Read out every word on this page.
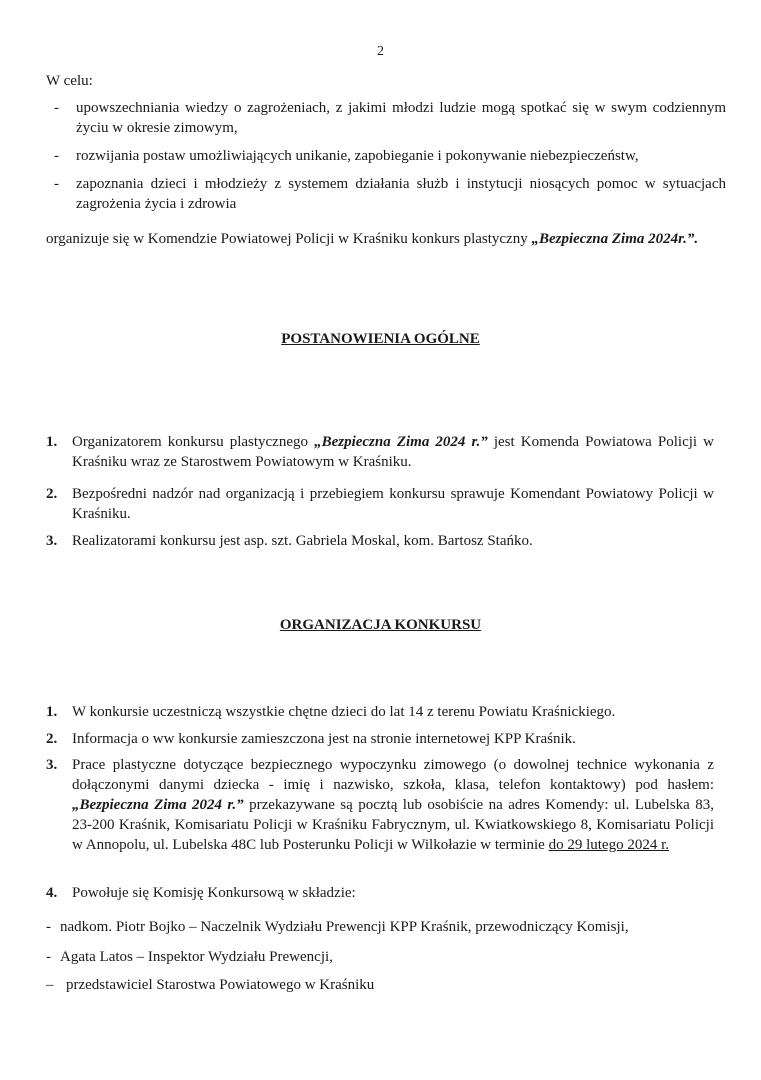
2
W celu:
- upowszechniania wiedzy o zagrożeniach, z jakimi młodzi ludzie mogą spotkać się w swym codziennym życiu w okresie zimowym,
- rozwijania postaw umożliwiających unikanie, zapobieganie i pokonywanie niebezpieczeństw,
- zapoznania dzieci i młodzieży z systemem działania służb i instytucji niosących pomoc w sytuacjach zagrożenia życia i zdrowia
organizuje się w Komendzie Powiatowej Policji w Kraśniku konkurs plastyczny „Bezpieczna Zima 2024r.”.
POSTANOWIENIA OGÓLNE
1. Organizatorem konkursu plastycznego „Bezpieczna Zima 2024 r.” jest Komenda Powiatowa Policji w Kraśniku wraz ze Starostwem Powiatowym w Kraśniku.
2. Bezpośredni nadzór nad organizacją i przebiegiem konkursu sprawuje Komendant Powiatowy Policji w Kraśniku.
3. Realizatorami konkursu jest asp. szt. Gabriela Moskal, kom. Bartosz Stańko.
ORGANIZACJA KONKURSU
1. W konkursie uczestniczą wszystkie chętne dzieci do lat 14 z terenu Powiatu Kraśnickiego.
2. Informacja o ww konkursie zamieszczona jest na stronie internetowej KPP Kraśnik.
3. Prace plastyczne dotyczące bezpiecznego wypoczynku zimowego (o dowolnej technice wykonania z dołączonymi danymi dziecka - imię i nazwisko, szkoła, klasa, telefon kontaktowy) pod hasłem: „Bezpieczna Zima 2024 r.” przekazywane są pocztą lub osobiście na adres Komendy: ul. Lubelska 83, 23-200 Kraśnik, Komisariatu Policji w Kraśniku Fabrycznym, ul. Kwiatkowskiego 8, Komisariatu Policji w Annopolu, ul. Lubelska 48C lub Posterunku Policji w Wilkołazie w terminie do 29 lutego 2024 r.
4. Powołuje się Komisję Konkursową w składzie:
- nadkom. Piotr Bojko – Naczelnik Wydziału Prewencji KPP Kraśnik, przewodniczący Komisji,
- Agata Latos – Inspektor Wydziału Prewencji,
– przedstawiciel Starostwa Powiatowego w Kraśniku
